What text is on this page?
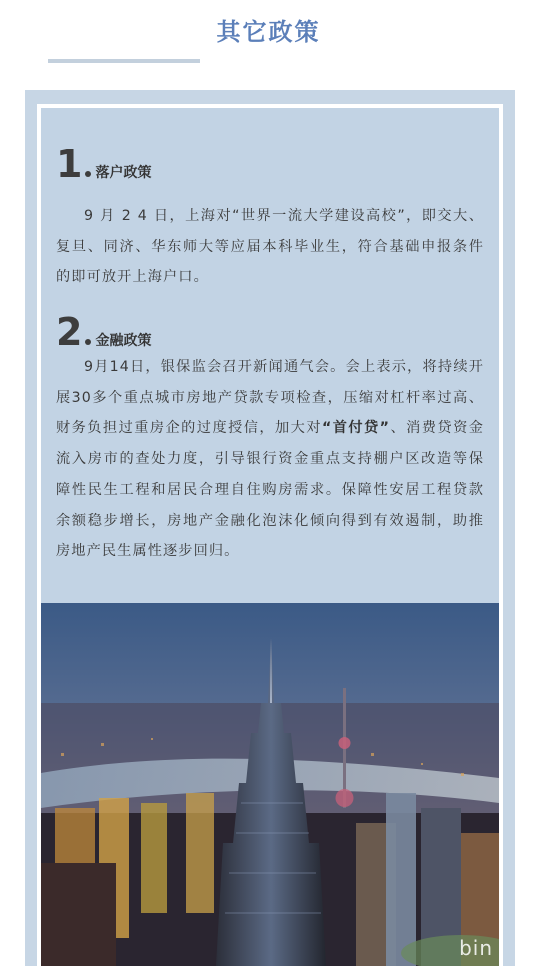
其它政策
1 落户政策

9 月 2 4 日，上海对“世界一流大学建设高校”，即交大、复旦、同济、华东师大等应届本科毕业生，符合基础申报条件的即可放开上海户口。

2 金融政策

9月14日，银保监会召开新闻通气会。会上表示，将持续开展30多个重点城市房地产贷款专项检查，压缩对杠杆率过高、财务负担过重房企的过度授信，加大对“首付贷”、消费贷资金流入房市的查处力度，引导银行资金重点支持棚户区改造等保障性民生工程和居民合理自住购房需求。保障性安居工程贷款余额稳步增长，房地产金融化泡沫化倾向得到有效遏制，助推房地产民生属性逐步回归。

bin
